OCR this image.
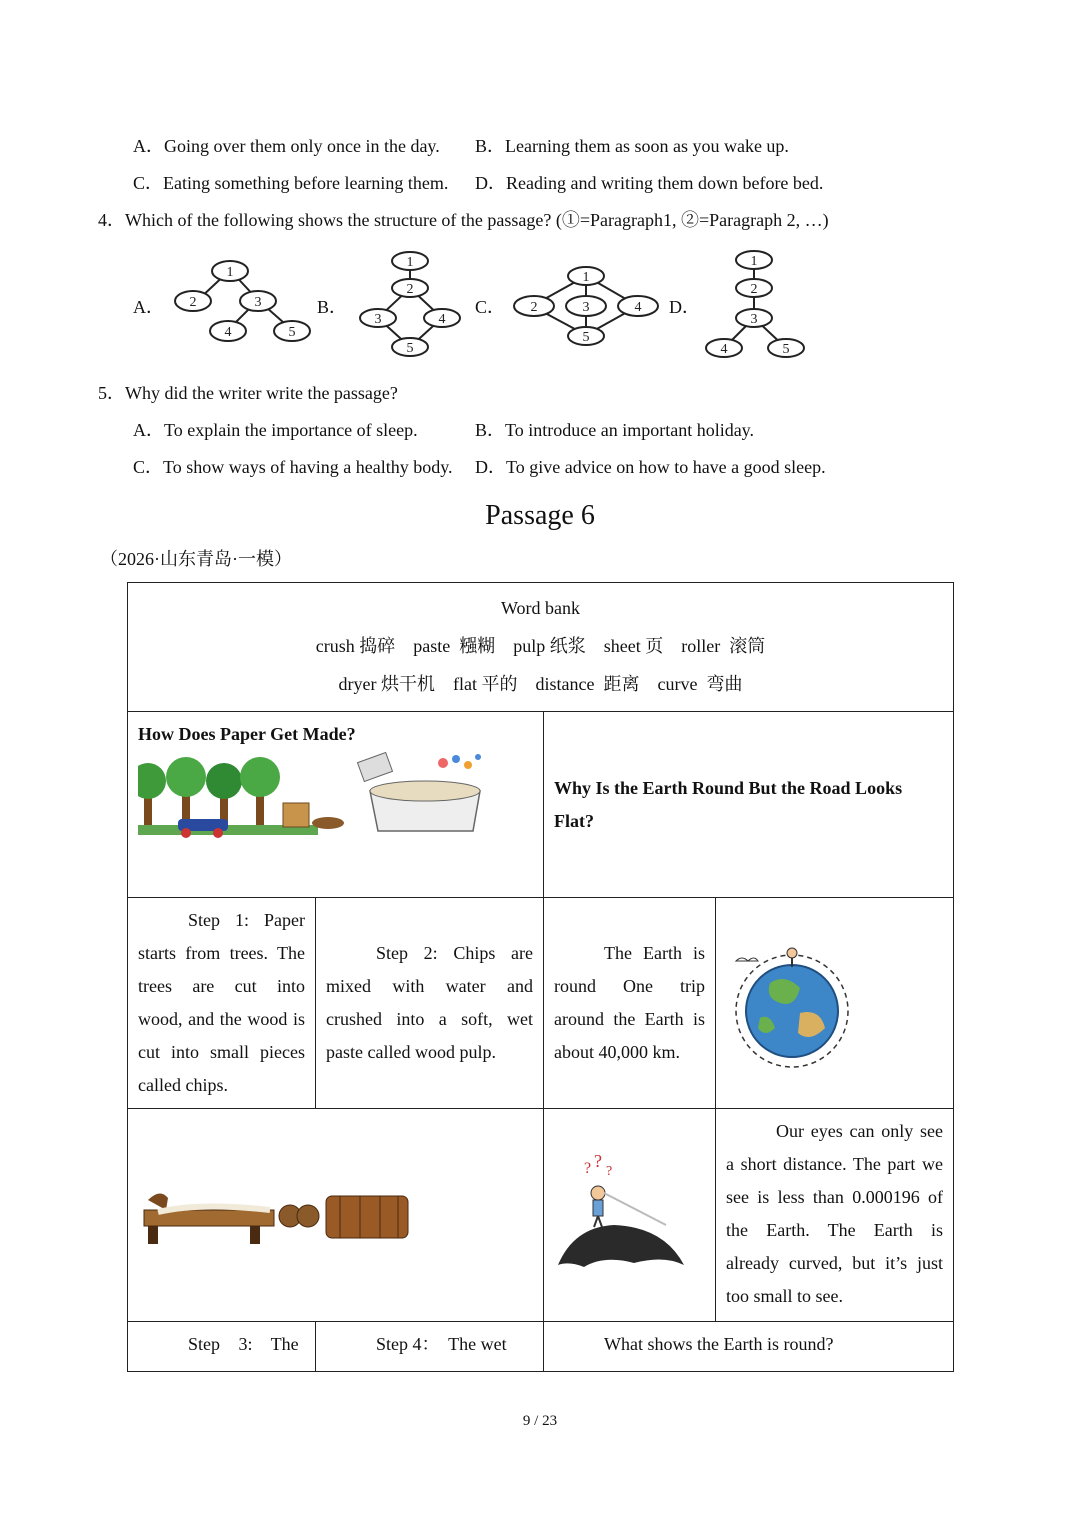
A．Going over them only once in the day. B．Learning them as soon as you wake up.
C．Eating something before learning them. D．Reading and writing them down before bed.
4．Which of the following shows the structure of the passage? (①=Paragraph1, ②=Paragraph 2, …)
A．	B．	C．	D．
1
2	3
4	5
1
2
3	4
5
1
2	3	4
5
1
2
3
4	5
5．Why did the writer write the passage?
A．To explain the importance of sleep.	B．To introduce an important holiday.
C．To show ways of having a healthy body. D．To give advice on how to have a good sleep.
Passage 6
（2026·山东青岛·一模）
Word bank
crush 捣碎    paste  糨糊    pulp 纸浆    sheet 页    roller  滚筒
dryer 烘干机    flat 平的    distance  距离    curve  弯曲			

How Does Paper Get Made?		Why Is the Earth Round But the Road Looks Flat?	

Step 1: Paper starts from trees. The trees are cut into wood, and the wood is cut into small pieces called chips.	Step 2: Chips are mixed with water and crushed into a soft, wet paste called wood pulp.	The Earth is round One trip around the Earth is about 40,000 km.

? ?
?	Our eyes can only see a short distance. The part we see is less than 0.000196 of the Earth. The Earth is already curved, but it’s just too small to see.

Step 3: The	Step 4：  The wet	What shows the Earth is round?	
9 / 23
